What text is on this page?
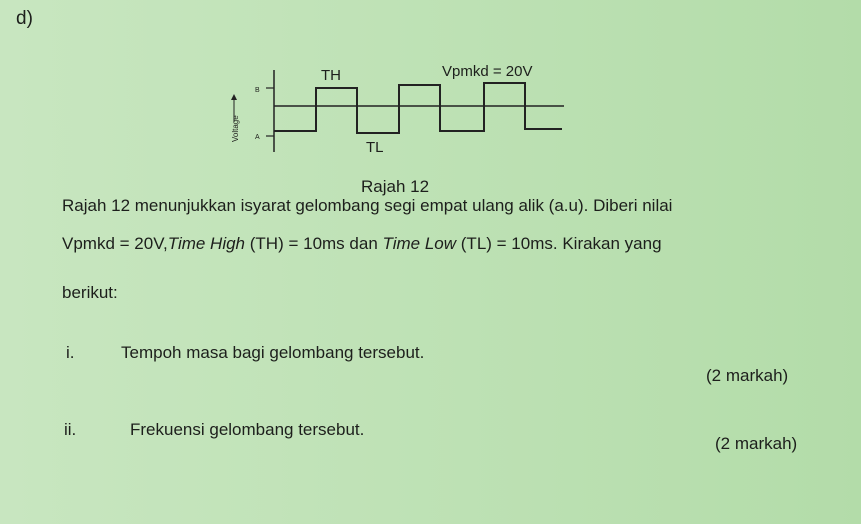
d)
B
A
Voltage
TH
TL
Vpmkd = 20V
Rajah 12
Rajah 12 menunjukkan isyarat gelombang segi empat ulang alik (a.u). Diberi nilai
Vpmkd = 20V,Time High (TH) = 10ms dan Time Low (TL) = 10ms. Kirakan yang
berikut:
i.	Tempoh masa bagi gelombang tersebut.
(2 markah)
ii.	Frekuensi gelombang tersebut.
(2 markah)
